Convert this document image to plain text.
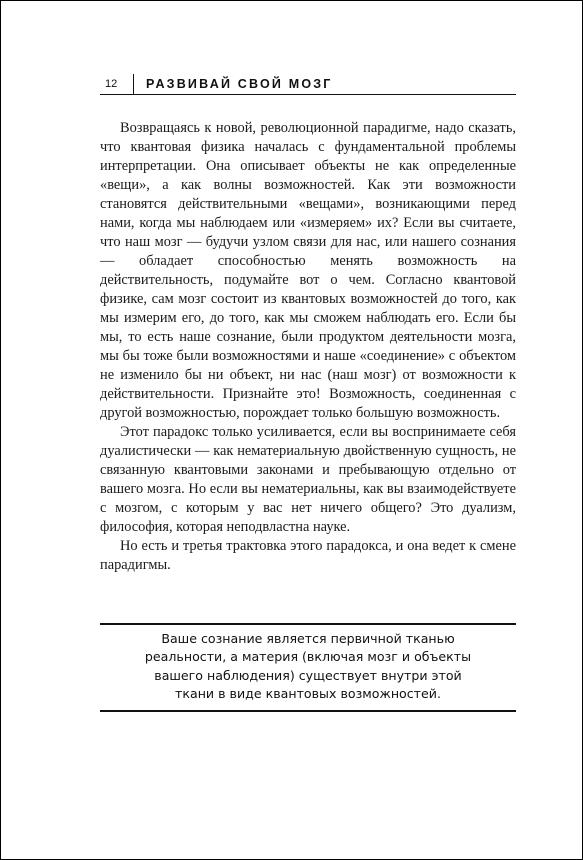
12	РАЗВИВАЙ СВОЙ МОЗГ

Возвращаясь к новой, революционной парадигме, надо сказать, что квантовая физика началась с фундаментальной проблемы интерпретации. Она описывает объекты не как определенные «вещи», а как волны возможностей. Как эти возможности становятся действительными «вещами», возникающими перед нами, когда мы наблюдаем или «измеряем» их? Если вы считаете, что наш мозг — будучи узлом связи для нас, или нашего сознания — обладает способностью менять возможность на действительность, подумайте вот о чем. Согласно квантовой физике, сам мозг состоит из квантовых возможностей до того, как мы измерим его, до того, как мы сможем наблюдать его. Если бы мы, то есть наше сознание, были продуктом деятельности мозга, мы бы тоже были возможностями и наше «соединение» с объектом не изменило бы ни объект, ни нас (наш мозг) от возможности к действительности. Признайте это! Возможность, соединенная с другой возможностью, порождает только большую возможность.

Этот парадокс только усиливается, если вы воспринимаете себя дуалистически — как нематериальную двойственную сущность, не связанную квантовыми законами и пребывающую отдельно от вашего мозга. Но если вы нематериальны, как вы взаимодействуете с мозгом, с которым у вас нет ничего общего? Это дуализм, философия, которая неподвластна науке.

Но есть и третья трактовка этого парадокса, и она ведет к смене парадигмы.

Ваше сознание является первичной тканью
реальности, а материя (включая мозг и объекты
вашего наблюдения) существует внутри этой
ткани в виде квантовых возможностей.
